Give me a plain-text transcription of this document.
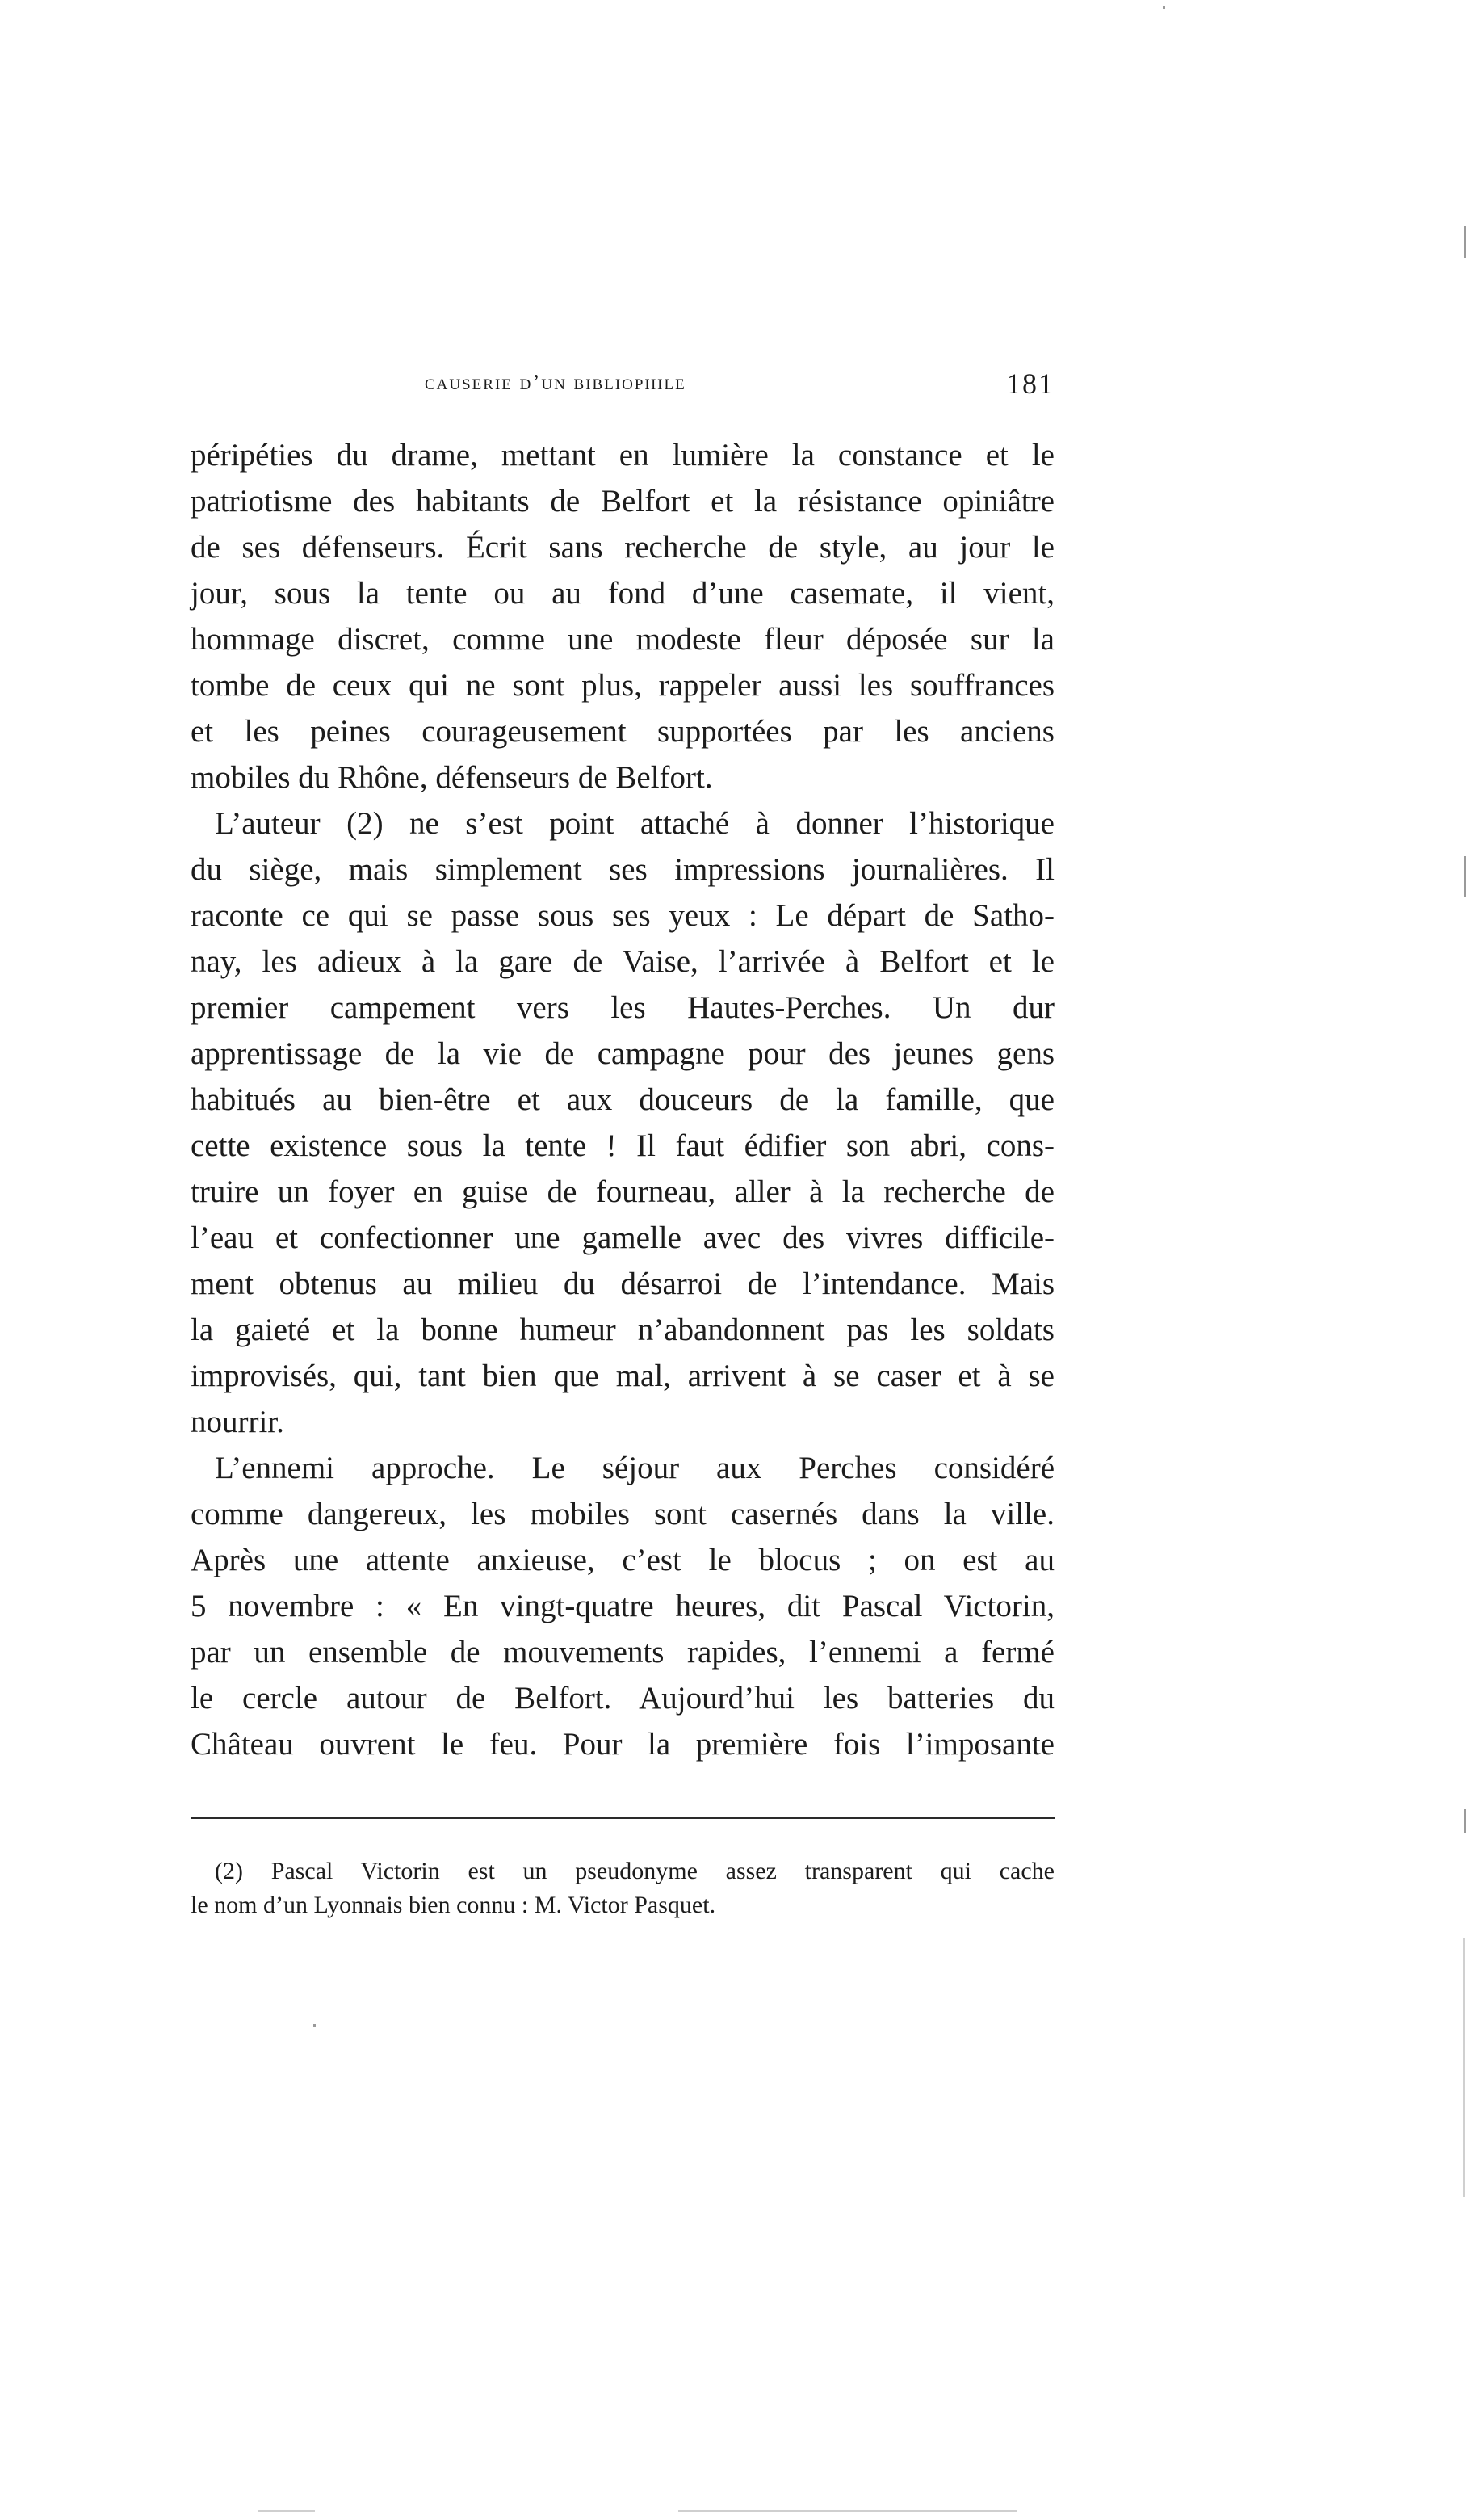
causerie d’un bibliophile	181
péripéties du drame, mettant en lumière la constance et le
patriotisme des habitants de Belfort et la résistance opiniâtre
de ses défenseurs. Écrit sans recherche de style, au jour le
jour, sous la tente ou au fond d’une casemate, il vient,
hommage discret, comme une modeste fleur déposée sur la
tombe de ceux qui ne sont plus, rappeler aussi les souffrances
et les peines courageusement supportées par les anciens
mobiles du Rhône, défenseurs de Belfort.
L’auteur (2) ne s’est point attaché à donner l’historique
du siège, mais simplement ses impressions journalières. Il
raconte ce qui se passe sous ses yeux : Le départ de Satho-
nay, les adieux à la gare de Vaise, l’arrivée à Belfort et le
premier campement vers les Hautes-Perches. Un dur
apprentissage de la vie de campagne pour des jeunes gens
habitués au bien-être et aux douceurs de la famille, que
cette existence sous la tente ! Il faut édifier son abri, cons-
truire un foyer en guise de fourneau, aller à la recherche de
l’eau et confectionner une gamelle avec des vivres difficile-
ment obtenus au milieu du désarroi de l’intendance. Mais
la gaieté et la bonne humeur n’abandonnent pas les soldats
improvisés, qui, tant bien que mal, arrivent à se caser et à se
nourrir.
L’ennemi approche. Le séjour aux Perches considéré
comme dangereux, les mobiles sont casernés dans la ville.
Après une attente anxieuse, c’est le blocus ; on est au
5 novembre : « En vingt-quatre heures, dit Pascal Victorin,
par un ensemble de mouvements rapides, l’ennemi a fermé
le cercle autour de Belfort. Aujourd’hui les batteries du
Château ouvrent le feu. Pour la première fois l’imposante
(2) Pascal Victorin est un pseudonyme assez transparent qui cache
le nom d’un Lyonnais bien connu : M. Victor Pasquet.
